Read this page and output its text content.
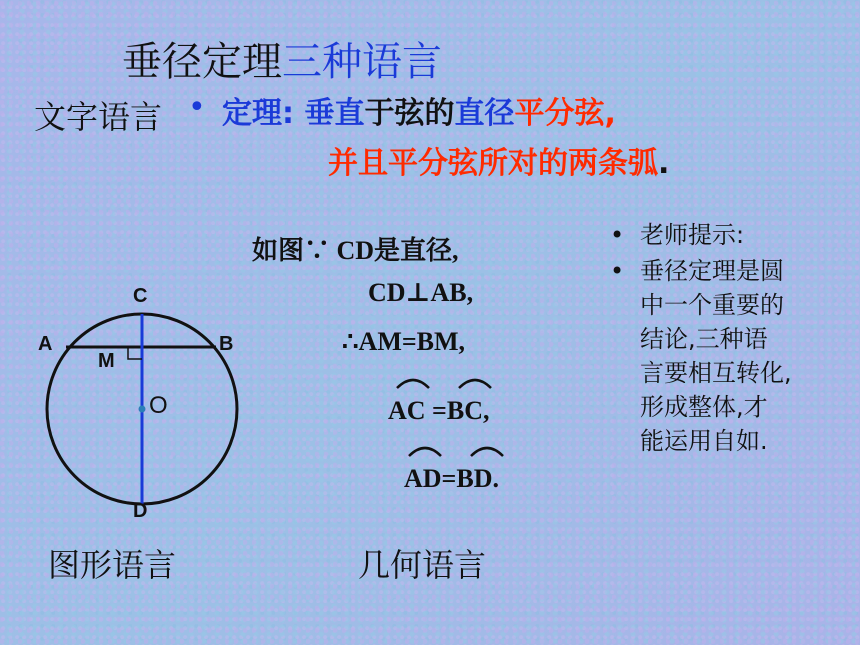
垂径定理三种语言
文字语言 • 定理: 垂直于弦的直径平分弦,
并且平分弦所对的两条弧.
C
A	B
M
O
D
图形语言
如图∵ CD是直径,
CD⊥AB,
∴AM=BM,
AC =BC,
AD=BD.
几何语言
• 老师提示:
• 垂径定理是圆
中一个重要的
结论,三种语
言要相互转化,
形成整体,才
能运用自如.
